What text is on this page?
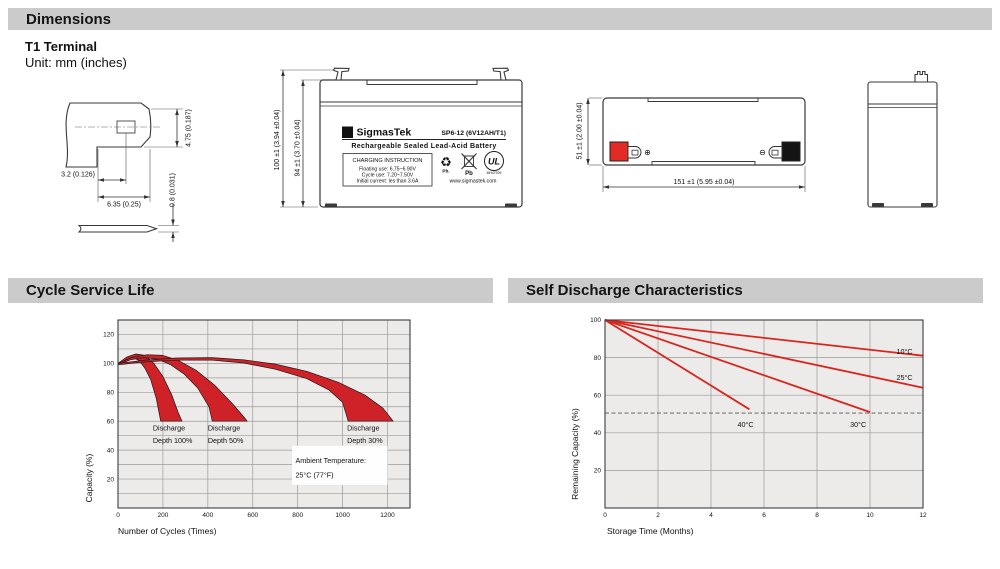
Dimensions
T1 Terminal
Unit: mm (inches)
3.2 (0.126)
6.35 (0.25)
4.75 (0.187)
0.8 (0.031)
100 ±1 (3.94 ±0.04) 94 ±1 (3.70 ±0.04)	Σ SigmasTek	SP6-12 (6V12AH/T1)
Rechargeable Sealed Lead-Acid Battery
CHARGING INSTRUCTION
Floating use: 6.75~6.90V
Cycle use: 7.20~7.50V
Initial current: les than 3.6A
♻
Pb.	Pb
UL
MH47929
www.sigmastek.com
51 ±1 (2.00 ±0.04)
151 ±1 (5.95 ±0.04)
⊕	⊖
Cycle Service Life	Self Discharge Characteristics
Ambient Temperature:
25°C (77°F)
Discharge
Depth 100%
Discharge
Depth 50%
Discharge
Depth 30%
0	200	400	600	800	1000	1200
20
40
60
80
100
120
Number of Cycles (Times)
Capacity (%)
10°C
25°C
30°C
40°C
0	2	4	6	8	10	12
20
40
60
80
100
Storage Time (Months)
Remaining Capacity (%)
